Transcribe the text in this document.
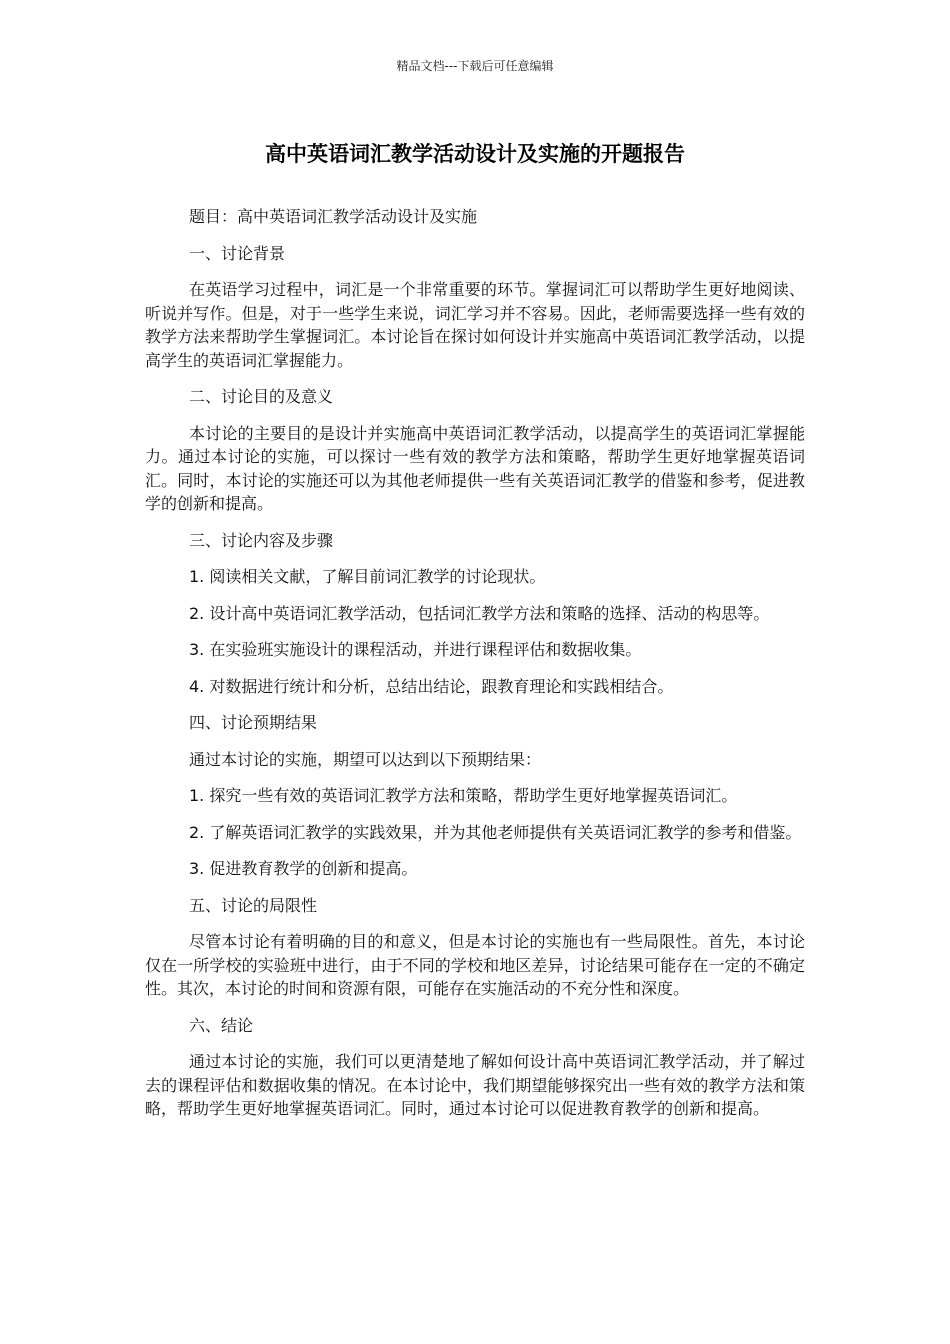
精品文档---下载后可任意编辑
高中英语词汇教学活动设计及实施的开题报告

题目：高中英语词汇教学活动设计及实施

一、讨论背景

在英语学习过程中，词汇是一个非常重要的环节。掌握词汇可以帮助学生更好地阅读、听说并写作。但是，对于一些学生来说，词汇学习并不容易。因此，老师需要选择一些有效的教学方法来帮助学生掌握词汇。本讨论旨在探讨如何设计并实施高中英语词汇教学活动，以提高学生的英语词汇掌握能力。

二、讨论目的及意义

本讨论的主要目的是设计并实施高中英语词汇教学活动，以提高学生的英语词汇掌握能力。通过本讨论的实施，可以探讨一些有效的教学方法和策略，帮助学生更好地掌握英语词汇。同时，本讨论的实施还可以为其他老师提供一些有关英语词汇教学的借鉴和参考，促进教学的创新和提高。

三、讨论内容及步骤

1. 阅读相关文献，了解目前词汇教学的讨论现状。

2. 设计高中英语词汇教学活动，包括词汇教学方法和策略的选择、活动的构思等。

3. 在实验班实施设计的课程活动，并进行课程评估和数据收集。

4. 对数据进行统计和分析，总结出结论，跟教育理论和实践相结合。

四、讨论预期结果

通过本讨论的实施，期望可以达到以下预期结果：

1. 探究一些有效的英语词汇教学方法和策略，帮助学生更好地掌握英语词汇。

2. 了解英语词汇教学的实践效果，并为其他老师提供有关英语词汇教学的参考和借鉴。

3. 促进教育教学的创新和提高。

五、讨论的局限性

尽管本讨论有着明确的目的和意义，但是本讨论的实施也有一些局限性。首先，本讨论仅在一所学校的实验班中进行，由于不同的学校和地区差异，讨论结果可能存在一定的不确定性。其次，本讨论的时间和资源有限，可能存在实施活动的不充分性和深度。

六、结论

通过本讨论的实施，我们可以更清楚地了解如何设计高中英语词汇教学活动，并了解过去的课程评估和数据收集的情况。在本讨论中，我们期望能够探究出一些有效的教学方法和策略，帮助学生更好地掌握英语词汇。同时，通过本讨论可以促进教育教学的创新和提高。
